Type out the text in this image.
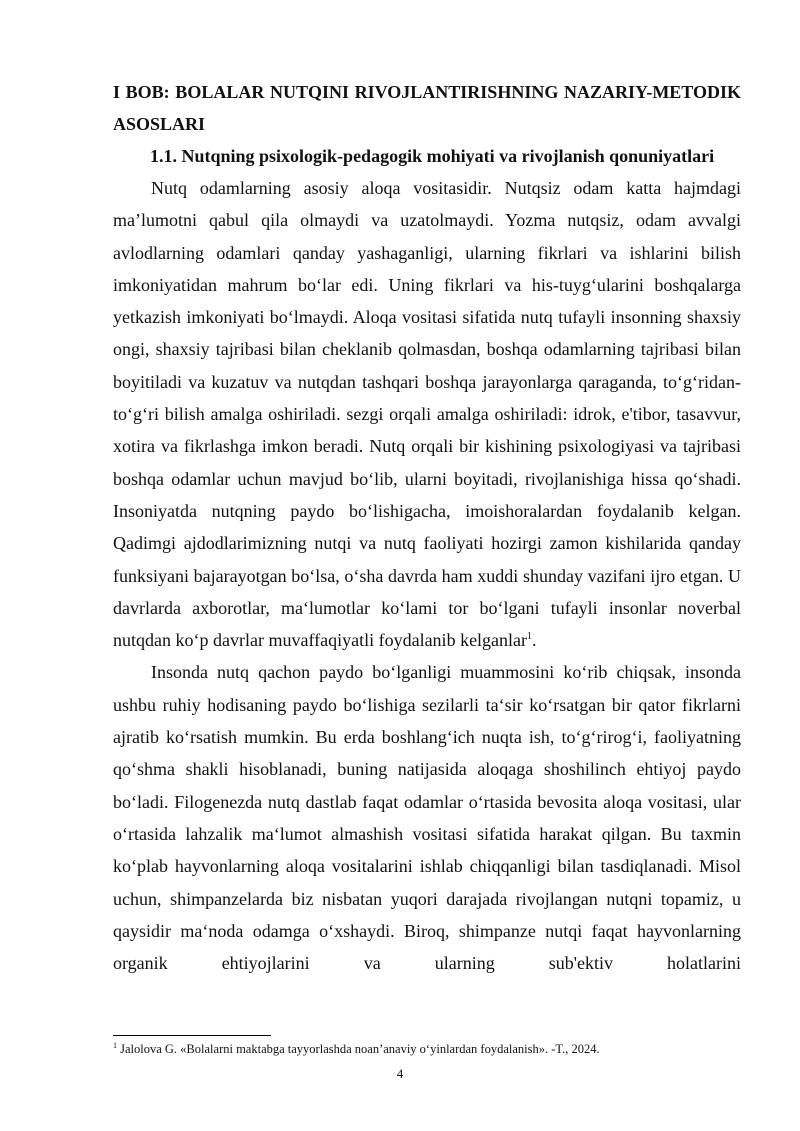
I BOB: BOLALAR NUTQINI RIVOJLANTIRISHNING NAZARIY-METODIK ASOSLARI
1.1. Nutqning psixologik-pedagogik mohiyati va rivojlanish qonuniyatlari

Nutq odamlarning asosiy aloqa vositasidir. Nutqsiz odam katta hajmdagi ma’lumotni qabul qila olmaydi va uzatolmaydi. Yozma nutqsiz, odam avvalgi avlodlarning odamlari qanday yashaganligi, ularning fikrlari va ishlarini bilish imkoniyatidan mahrum boʻlar edi. Uning fikrlari va his-tuygʻularini boshqalarga yetkazish imkoniyati boʻlmaydi. Aloqa vositasi sifatida nutq tufayli insonning shaxsiy ongi, shaxsiy tajribasi bilan cheklanib qolmasdan, boshqa odamlarning tajribasi bilan boyitiladi va kuzatuv va nutqdan tashqari boshqa jarayonlarga qaraganda, toʻgʻridan-toʻgʻri bilish amalga oshiriladi. sezgi orqali amalga oshiriladi: idrok, e'tibor, tasavvur, xotira va fikrlashga imkon beradi. Nutq orqali bir kishining psixologiyasi va tajribasi boshqa odamlar uchun mavjud boʻlib, ularni boyitadi, rivojlanishiga hissa qoʻshadi. Insoniyatda nutqning paydo boʻlishigacha, imoishoralardan foydalanib kelgan. Qadimgi ajdodlarimizning nutqi va nutq faoliyati hozirgi zamon kishilarida qanday funksiyani bajarayotgan boʻlsa, oʻsha davrda ham xuddi shunday vazifani ijro etgan. U davrlarda axborotlar, maʻlumotlar koʻlami tor boʻlgani tufayli insonlar noverbal nutqdan koʻp davrlar muvaffaqiyatli foydalanib kelganlar$^1$.

Insonda nutq qachon paydo boʻlganligi muammosini koʻrib chiqsak, insonda ushbu ruhiy hodisaning paydo boʻlishiga sezilarli taʻsir koʻrsatgan bir qator fikrlarni ajratib koʻrsatish mumkin. Bu erda boshlangʻich nuqta ish, toʻgʻrirogʻi, faoliyatning qoʻshma shakli hisoblanadi, buning natijasida aloqaga shoshilinch ehtiyoj paydo boʻladi. Filogenezda nutq dastlab faqat odamlar oʻrtasida bevosita aloqa vositasi, ular oʻrtasida lahzalik maʻlumot almashish vositasi sifatida harakat qilgan. Bu taxmin koʻplab hayvonlarning aloqa vositalarini ishlab chiqqanligi bilan tasdiqlanadi. Misol uchun, shimpanzelarda biz nisbatan yuqori darajada rivojlangan nutqni topamiz, u qaysidir maʻnoda odamga oʻxshaydi. Biroq, shimpanze nutqi faqat hayvonlarning organik ehtiyojlarini va ularning sub'ektiv holatlarini

$^1$ Jalolova G. «Bolalarni maktabga tayyorlashda noan’anaviy oʻyinlardan foydalanish». -T., 2024.

4
